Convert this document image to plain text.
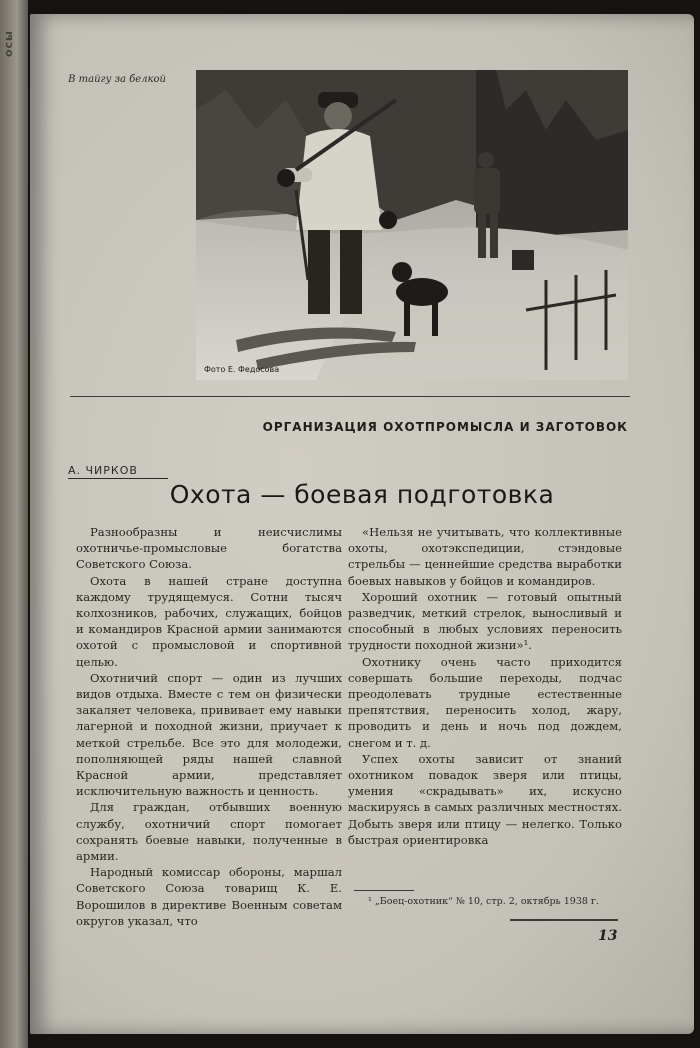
осы
В тайгу за белкой
Фото Е. Федосова
ОРГАНИЗАЦИЯ ОХОТПРОМЫСЛА И ЗАГОТОВОК
А. ЧИРКОВ
Охота — боевая подготовка

Разнообразны и неисчислимы охотничье-промысловые богатства Советского Союза.

Охота в нашей стране доступна каждому трудящемуся. Сотни тысяч колхозников, рабочих, служащих, бойцов и командиров Красной армии занимаются охотой с промысловой и спортивной целью.

Охотничий спорт — один из лучших видов отдыха. Вместе с тем он физически закаляет человека, прививает ему навыки лагерной и походной жизни, приучает к меткой стрельбе. Все это для молодежи, пополняющей ряды нашей славной Красной армии, представляет исключительную важность и ценность.

Для граждан, отбывших военную службу, охотничий спорт помогает сохранять боевые навыки, полученные в армии.

Народный комиссар обороны, маршал Советского Союза товарищ К. Е. Ворошилов в директиве Военным советам округов указал, что

«Нельзя не учитывать, что коллективные охоты, охотэкспедиции, стэндовые стрельбы — ценнейшие средства выработки боевых навыков у бойцов и командиров.

Хороший охотник — готовый опытный разведчик, меткий стрелок, выносливый и способный в любых условиях переносить трудности походной жизни»¹.

Охотнику очень часто приходится совершать большие переходы, подчас преодолевать трудные естественные препятствия, переносить холод, жару, проводить и день и ночь под дождем, снегом и т. д.

Успех охоты зависит от знаний охотником повадок зверя или птицы, умения «скрадывать» их, искусно маскируясь в самых различных местностях. Добыть зверя или птицу — нелегко. Только быстрая ориентировка

¹ „Боец-охотник“ № 10, стр. 2, октябрь 1938 г.
13
